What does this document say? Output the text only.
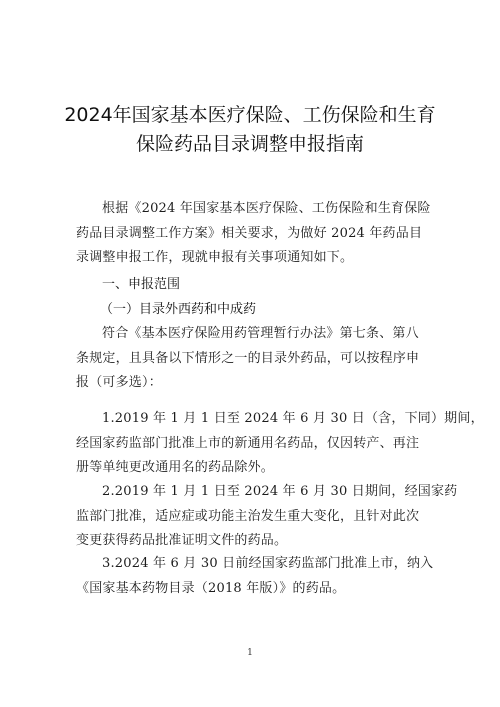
2024年国家基本医疗保险、工伤保险和生育
保险药品目录调整申报指南
根据《2024 年国家基本医疗保险、工伤保险和生育保险
药品目录调整工作方案》相关要求，为做好 2024 年药品目
录调整申报工作，现就申报有关事项通知如下。
一、申报范围
（一）目录外西药和中成药
符合《基本医疗保险用药管理暂行办法》第七条、第八
条规定，且具备以下情形之一的目录外药品，可以按程序申
报（可多选）：
1.2019 年 1 月 1 日至 2024 年 6 月 30 日（含，下同）期间，
经国家药监部门批准上市的新通用名药品，仅因转产、再注
册等单纯更改通用名的药品除外。
2.2019 年 1 月 1 日至 2024 年 6 月 30 日期间，经国家药
监部门批准，适应症或功能主治发生重大变化，且针对此次
变更获得药品批准证明文件的药品。
3.2024 年 6 月 30 日前经国家药监部门批准上市，纳入
《国家基本药物目录（2018 年版）》的药品。
1
